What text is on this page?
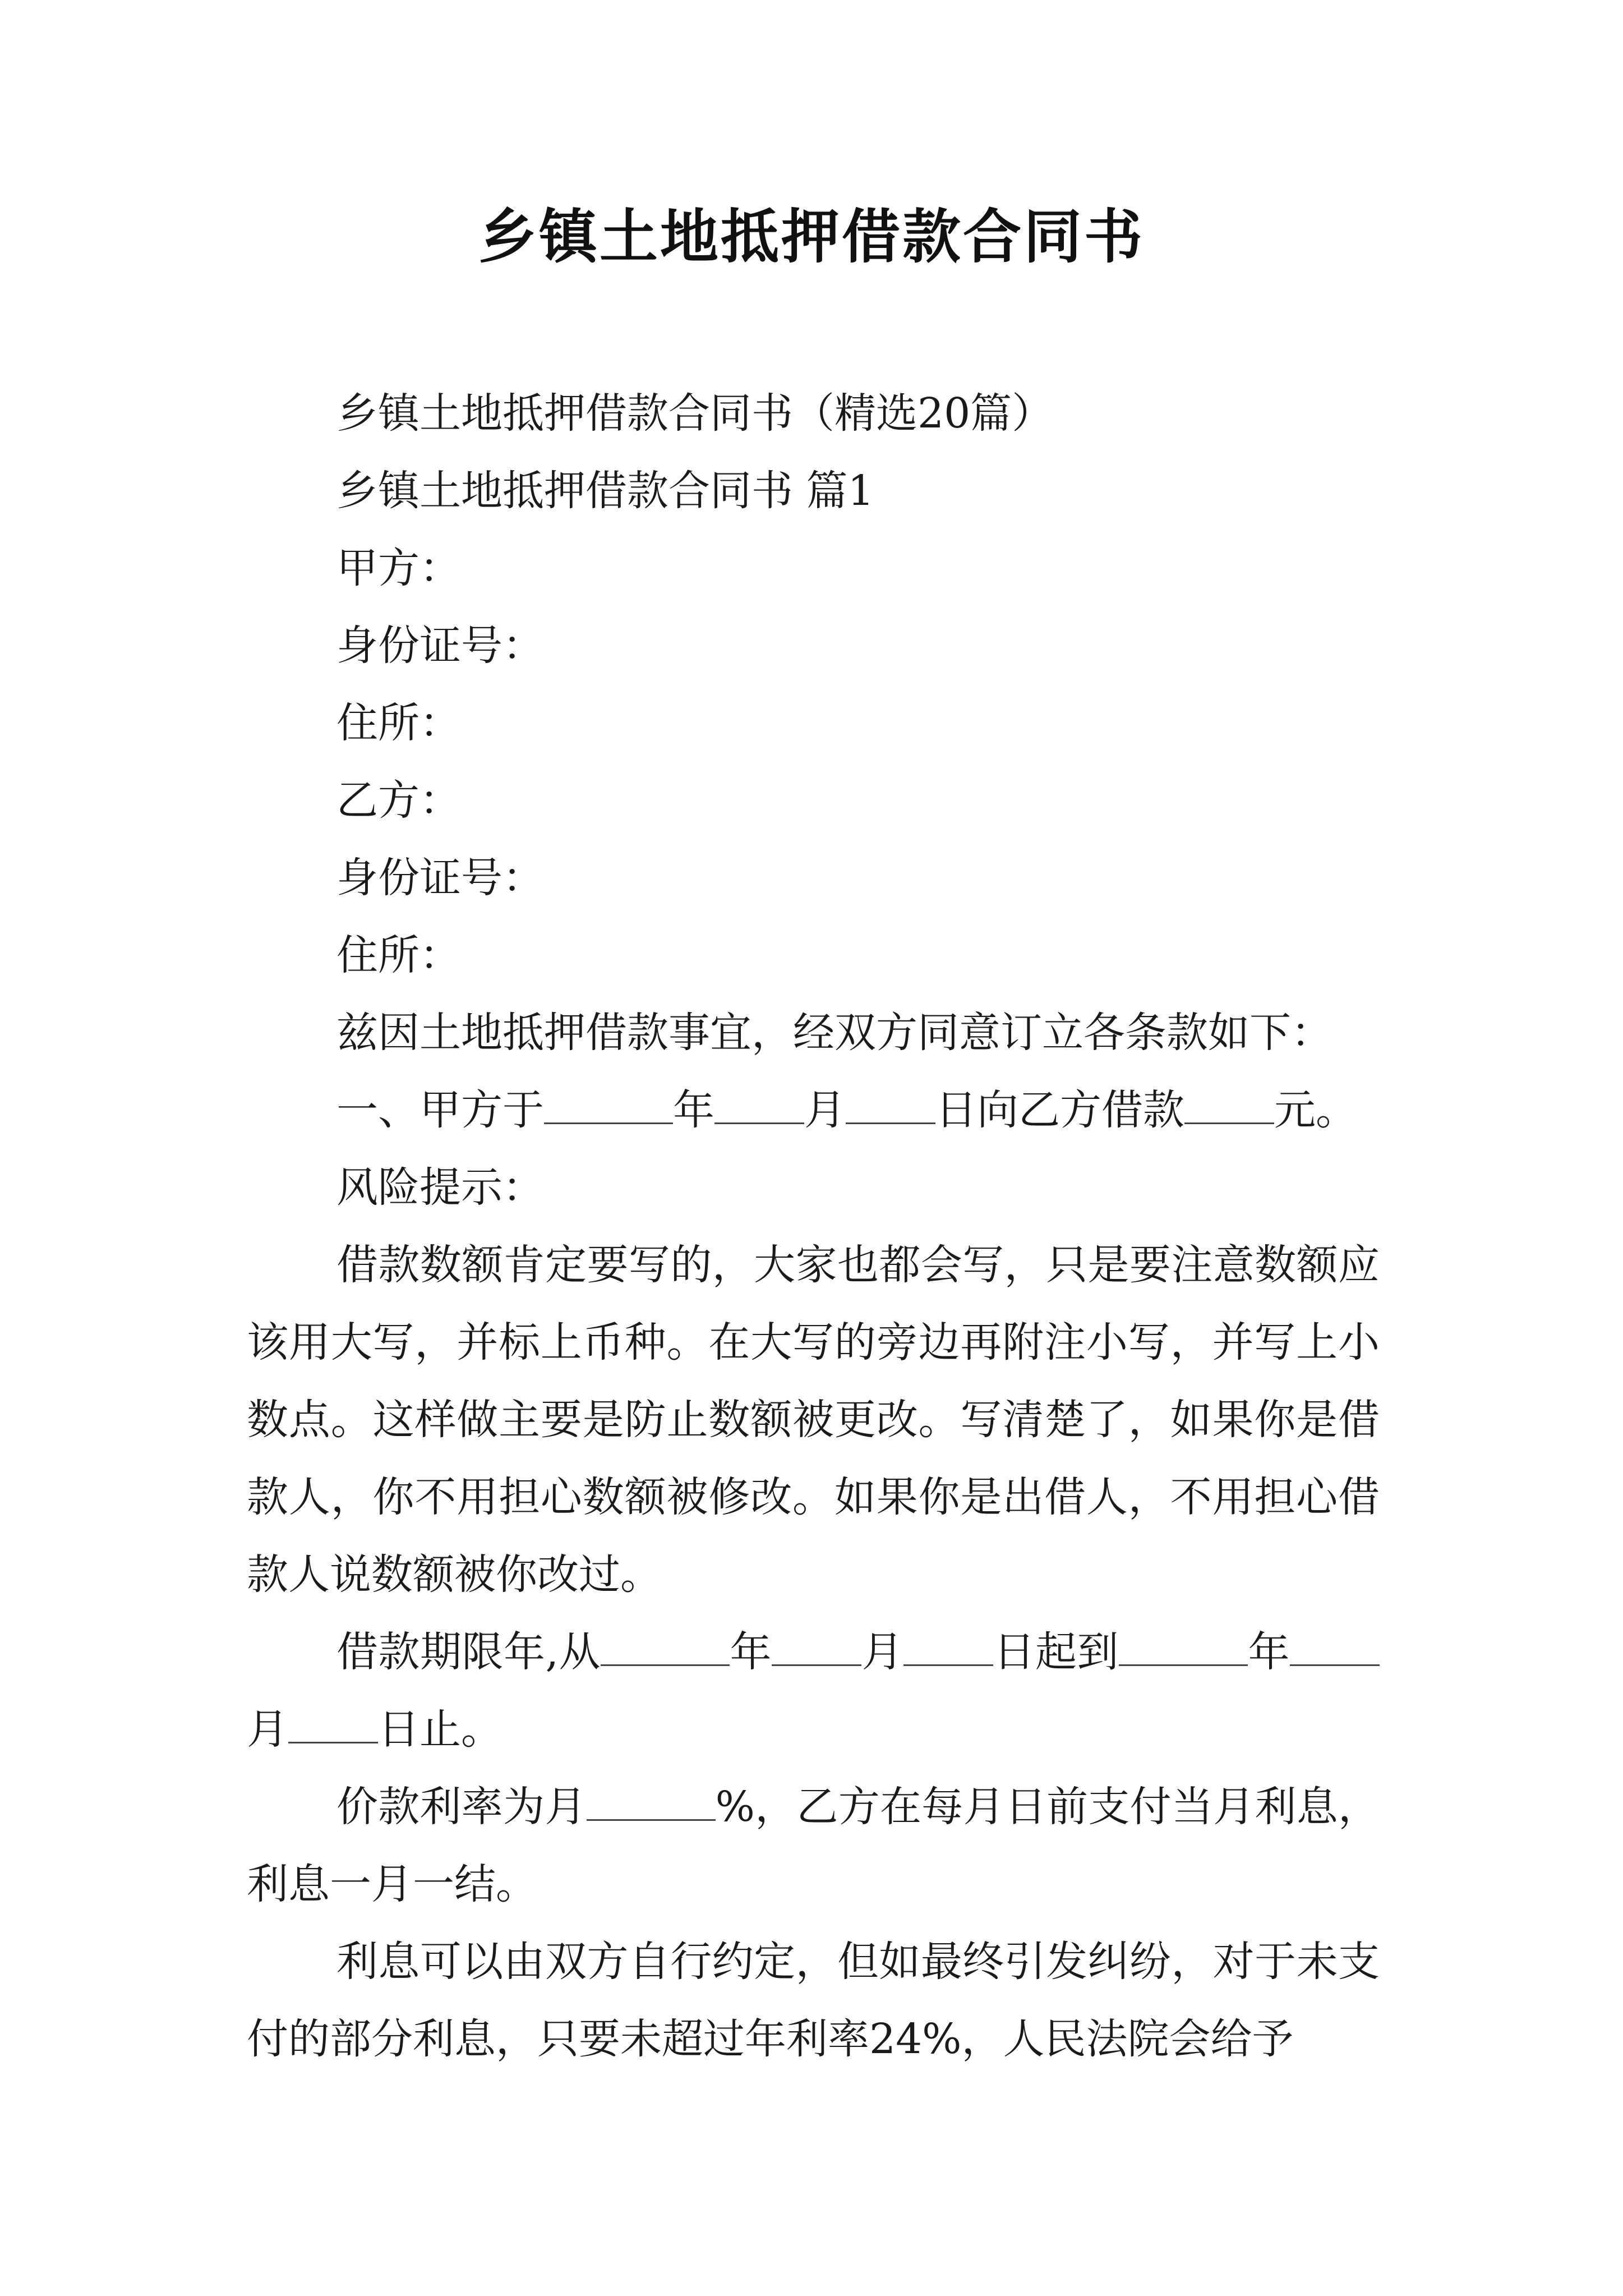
乡镇土地抵押借款合同书

乡镇土地抵押借款合同书（精选20篇）

乡镇土地抵押借款合同书 篇1

甲方：

身份证号：

住所：

乙方：

身份证号：

住所：

兹因土地抵押借款事宜，经双方同意订立各条款如下：

一、甲方于	年 月 日向乙方借款 元。

风险提示：

借款数额肯定要写的，大家也都会写，只是要注意数额应该用大写，并标上币种。在大写的旁边再附注小写，并写上小数点。这样做主要是防止数额被更改。写清楚了，如果你是借款人，你不用担心数额被修改。如果你是出借人，不用担心借款人说数额被你改过。

借款期限年,从	年 月 日起到	年月 日止。

价款利率为月	%，乙方在每月日前支付当月利息，利息一月一结。

利息可以由双方自行约定，但如最终引发纠纷，对于未支付的部分利息，只要未超过年利率24%，人民法院会给予
